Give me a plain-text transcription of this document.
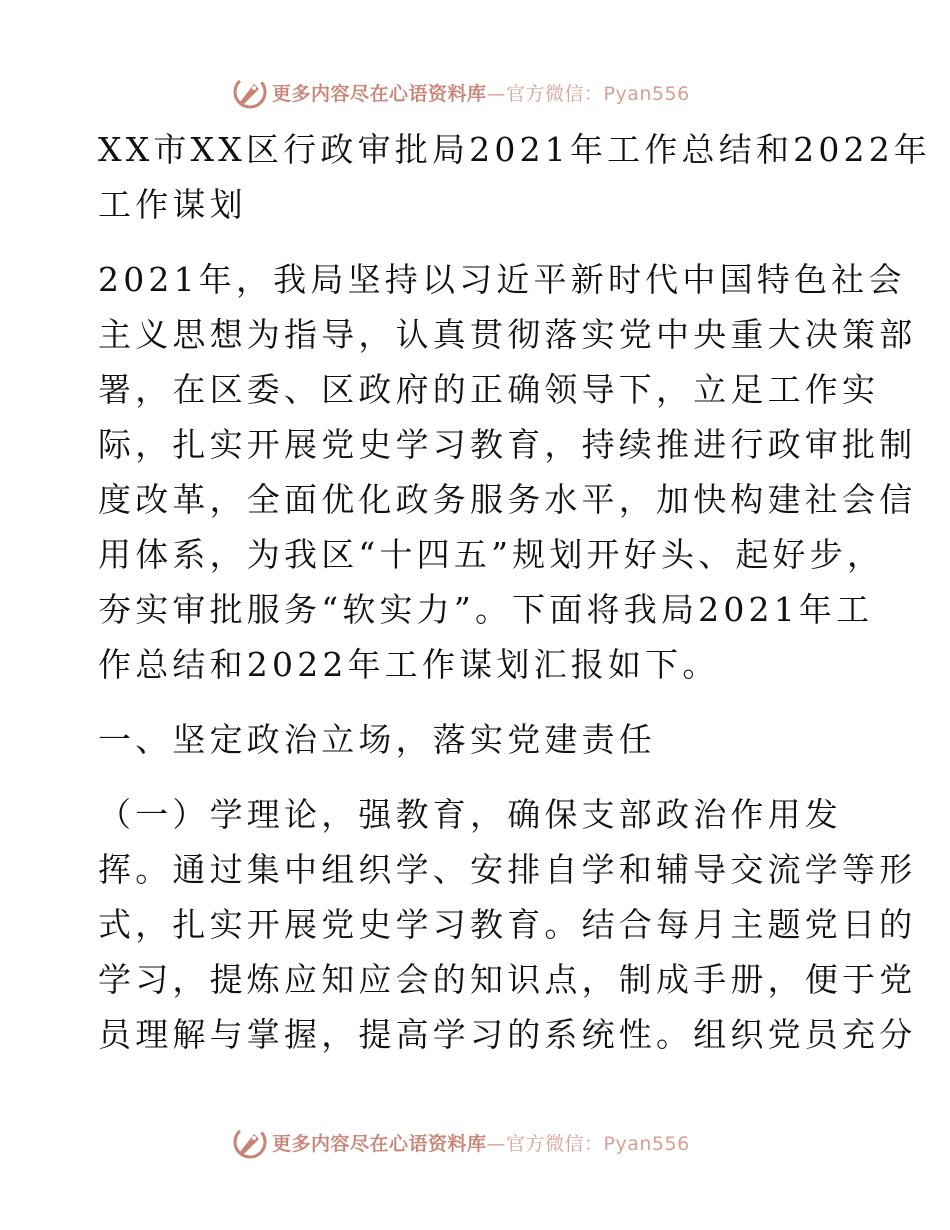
更多内容尽在心语资料库—官方微信：Pyan556
XX市XX区行政审批局2021年工作总结和2022年
工作谋划
2021年，我局坚持以习近平新时代中国特色社会
主义思想为指导，认真贯彻落实党中央重大决策部
署，在区委、区政府的正确领导下，立足工作实
际，扎实开展党史学习教育，持续推进行政审批制
度改革，全面优化政务服务水平，加快构建社会信
用体系，为我区“十四五”规划开好头、起好步，
夯实审批服务“软实力”。下面将我局2021年工
作总结和2022年工作谋划汇报如下。
一、坚定政治立场，落实党建责任
（一）学理论，强教育，确保支部政治作用发
挥。通过集中组织学、安排自学和辅导交流学等形
式，扎实开展党史学习教育。结合每月主题党日的
学习，提炼应知应会的知识点，制成手册，便于党
员理解与掌握，提高学习的系统性。组织党员充分
更多内容尽在心语资料库—官方微信：Pyan556
